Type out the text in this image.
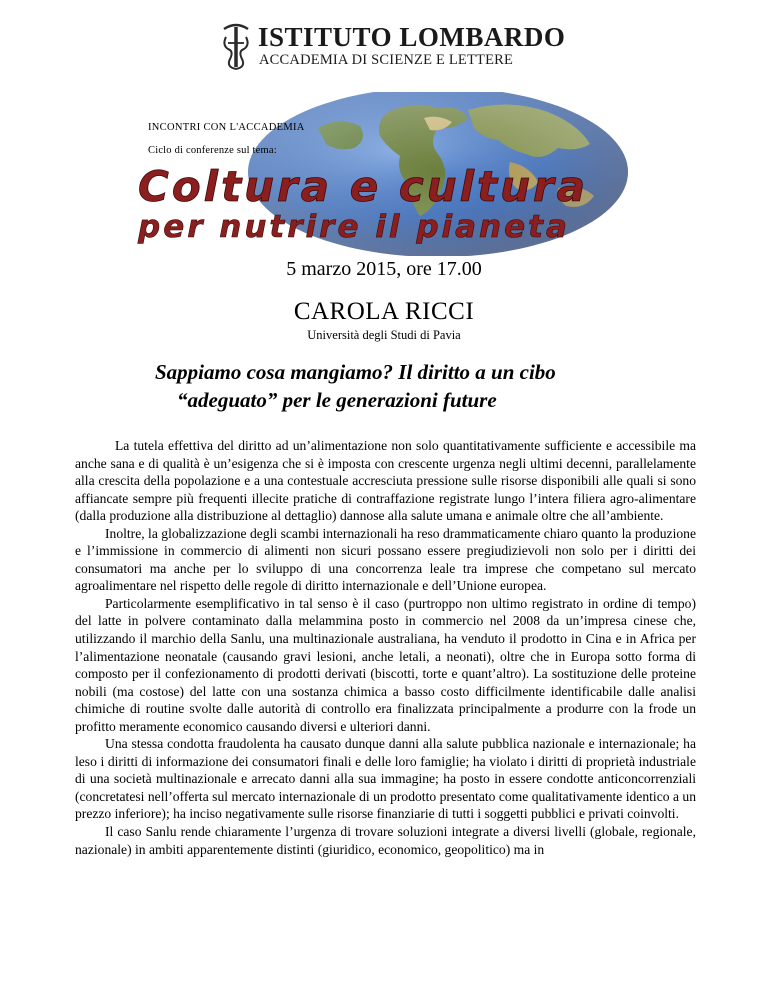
ISTITUTO LOMBARDO
ACCADEMIA DI SCIENZE E LETTERE
INCONTRI CON L'ACCADEMIA
Ciclo di conferenze sul tema:
Coltura e cultura
per nutrire il pianeta
5 marzo 2015, ore 17.00
CAROLA RICCI
Università degli Studi di Pavia
Sappiamo cosa mangiamo? Il diritto a un cibo
“adeguato” per le generazioni future

La tutela effettiva del diritto ad un’alimentazione non solo quantitativamente sufficiente e accessibile ma anche sana e di qualità è un’esigenza che si è imposta con crescente urgenza negli ultimi decenni, parallelamente alla crescita della popolazione e a una contestuale accresciuta pressione sulle risorse disponibili alle quali si sono affiancate sempre più frequenti illecite pratiche di contraffazione registrate lungo l’intera filiera agro-alimentare (dalla produzione alla distribuzione al dettaglio) dannose alla salute umana e animale oltre che all’ambiente.

Inoltre, la globalizzazione degli scambi internazionali ha reso drammaticamente chiaro quanto la produzione e l’immissione in commercio di alimenti non sicuri possano essere pregiudizievoli non solo per i diritti dei consumatori ma anche per lo sviluppo di una concorrenza leale tra imprese che competano sul mercato agroalimentare nel rispetto delle regole di diritto internazionale e dell’Unione europea.

Particolarmente esemplificativo in tal senso è il caso (purtroppo non ultimo registrato in ordine di tempo) del latte in polvere contaminato dalla melammina posto in commercio nel 2008 da un’impresa cinese che, utilizzando il marchio della Sanlu, una multinazionale australiana, ha venduto il prodotto in Cina e in Africa per l’alimentazione neonatale (causando gravi lesioni, anche letali, a neonati), oltre che in Europa sotto forma di composto per il confezionamento di prodotti derivati (biscotti, torte e quant’altro). La sostituzione delle proteine nobili (ma costose) del latte con una sostanza chimica a basso costo difficilmente identificabile dalle analisi chimiche di routine svolte dalle autorità di controllo era finalizzata principalmente a produrre con la frode un profitto meramente economico causando diversi e ulteriori danni.

Una stessa condotta fraudolenta ha causato dunque danni alla salute pubblica nazionale e internazionale; ha leso i diritti di informazione dei consumatori finali e delle loro famiglie; ha violato i diritti di proprietà industriale di una società multinazionale e arrecato danni alla sua immagine; ha posto in essere condotte anticoncorrenziali (concretatesi nell’offerta sul mercato internazionale di un prodotto presentato come qualitativamente identico a un prezzo inferiore); ha inciso negativamente sulle risorse finanziarie di tutti i soggetti pubblici e privati coinvolti.

Il caso Sanlu rende chiaramente l’urgenza di trovare soluzioni integrate a diversi livelli (globale, regionale, nazionale) in ambiti apparentemente distinti (giuridico, economico, geopolitico) ma in
